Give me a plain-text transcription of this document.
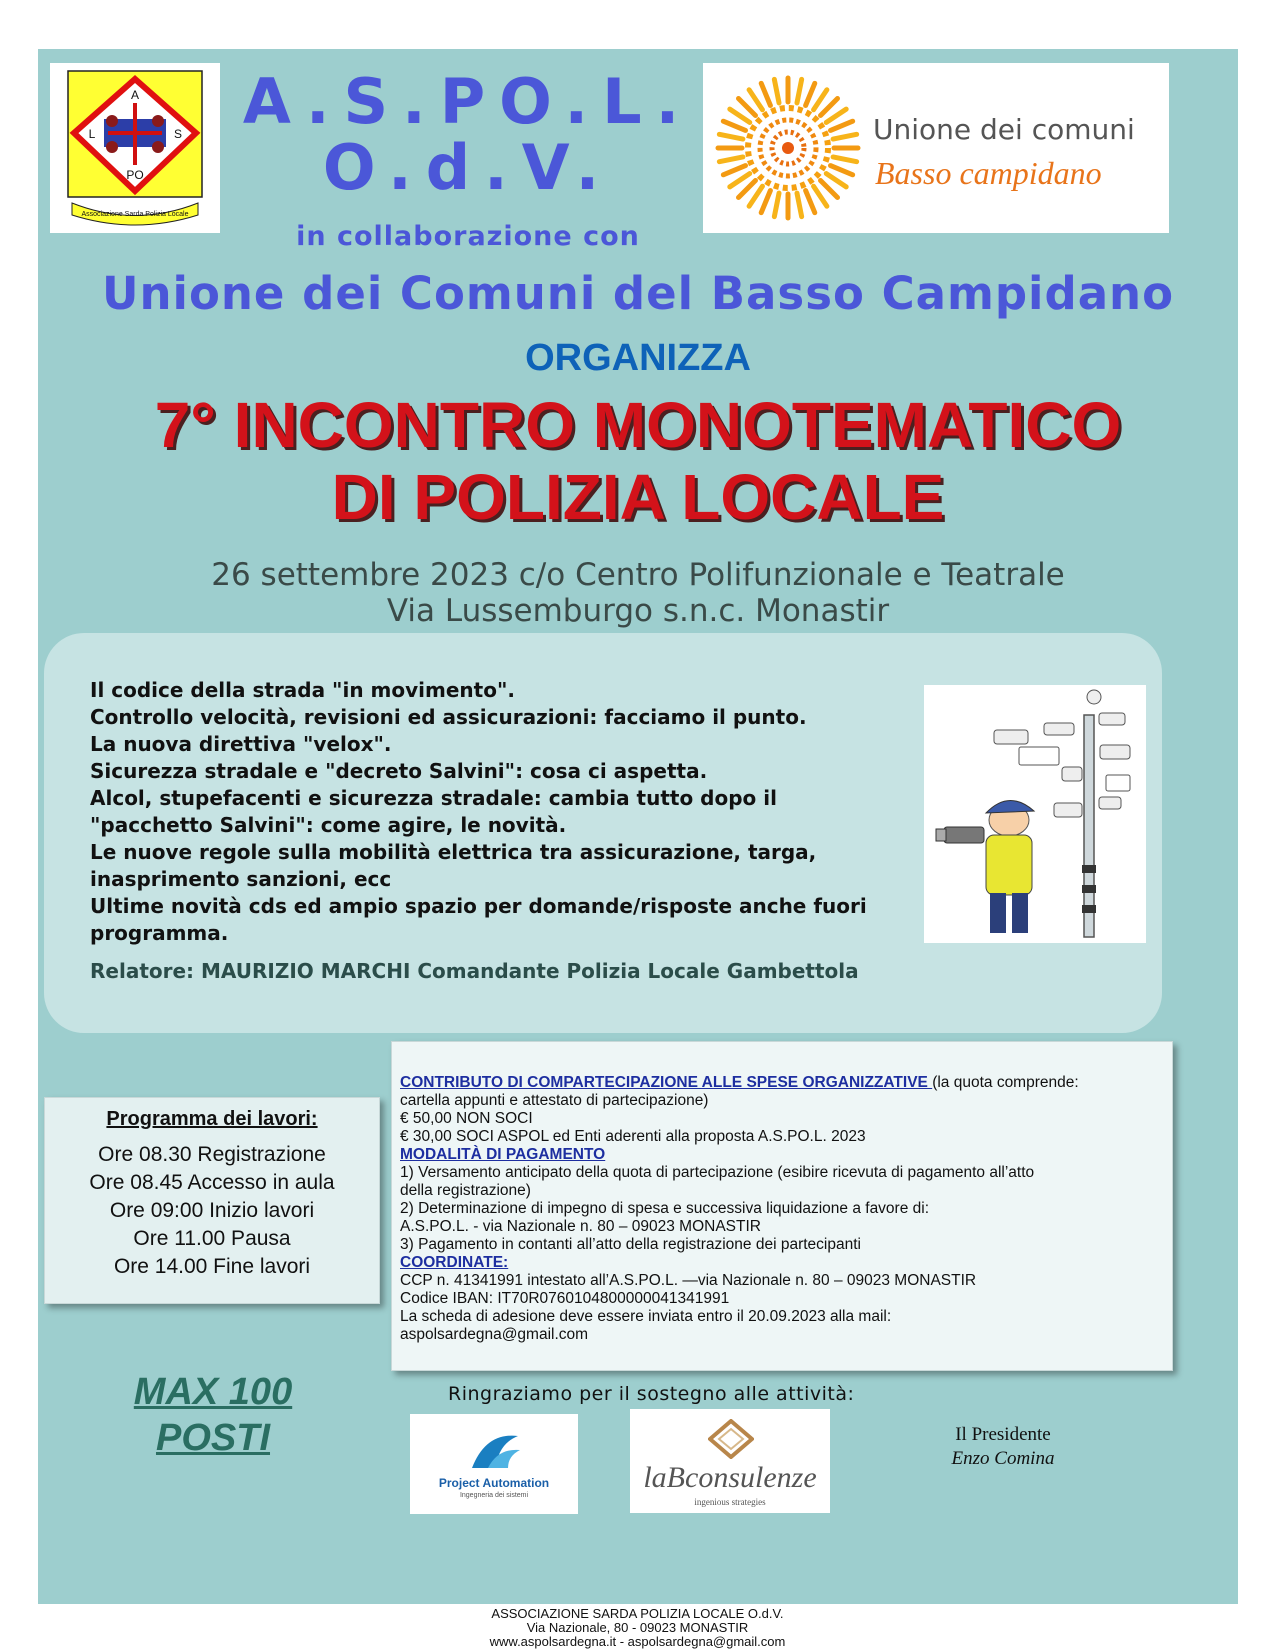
A
L	S
PO
Associazione Sarda Polizia Locale
A.S.PO.L.
O.d.V.
Unione dei comuni
Basso campidano
in collaborazione con
Unione dei Comuni del Basso Campidano
ORGANIZZA
7° INCONTRO MONOTEMATICO
DI POLIZIA LOCALE
26 settembre 2023 c/o Centro Polifunzionale e Teatrale
Via Lussemburgo s.n.c. Monastir

Il codice della strada "in movimento".

Controllo velocità, revisioni ed assicurazioni: facciamo il punto.

La nuova direttiva "velox".

Sicurezza stradale e "decreto Salvini": cosa ci aspetta.

Alcol, stupefacenti e sicurezza stradale: cambia tutto dopo il

"pacchetto Salvini": come agire, le novità.

Le nuove regole sulla mobilità elettrica tra assicurazione, targa,

inasprimento sanzioni, ecc

Ultime novità cds ed ampio spazio per domande/risposte anche fuori

programma.

Relatore: MAURIZIO MARCHI Comandante Polizia Locale Gambettola
Programma dei lavori:
Ore 08.30 Registrazione
Ore 08.45 Accesso in aula
Ore 09:00 Inizio lavori
Ore 11.00 Pausa
Ore 14.00 Fine lavori

CONTRIBUTO DI COMPARTECIPAZIONE ALLE SPESE ORGANIZZATIVE (la quota comprende:

cartella appunti e attestato di partecipazione)

€ 50,00 NON SOCI

€ 30,00 SOCI ASPOL ed Enti aderenti alla proposta A.S.PO.L. 2023

MODALITÀ DI PAGAMENTO

1) Versamento anticipato della quota di partecipazione (esibire ricevuta di pagamento all’atto

della registrazione)

2) Determinazione di impegno di spesa e successiva liquidazione a favore di:

A.S.PO.L. - via Nazionale n. 80 – 09023 MONASTIR

3) Pagamento in contanti all’atto della registrazione dei partecipanti

COORDINATE:

CCP n. 41341991 intestato all’A.S.PO.L. —via Nazionale n. 80 – 09023 MONASTIR

Codice IBAN: IT70R0760104800000041341991

La scheda di adesione deve essere inviata entro il 20.09.2023 alla mail:

aspolsardegna@gmail.com

MAX 100
POSTI
Ringraziamo per il sostegno alle attività:
Project Automation
Ingegneria dei sistemi
laBconsulenze
ingenious strategies
Il Presidente
Enzo Comina
ASSOCIAZIONE SARDA POLIZIA LOCALE O.d.V.
Via Nazionale, 80 - 09023 MONASTIR
www.aspolsardegna.it - aspolsardegna@gmail.com
